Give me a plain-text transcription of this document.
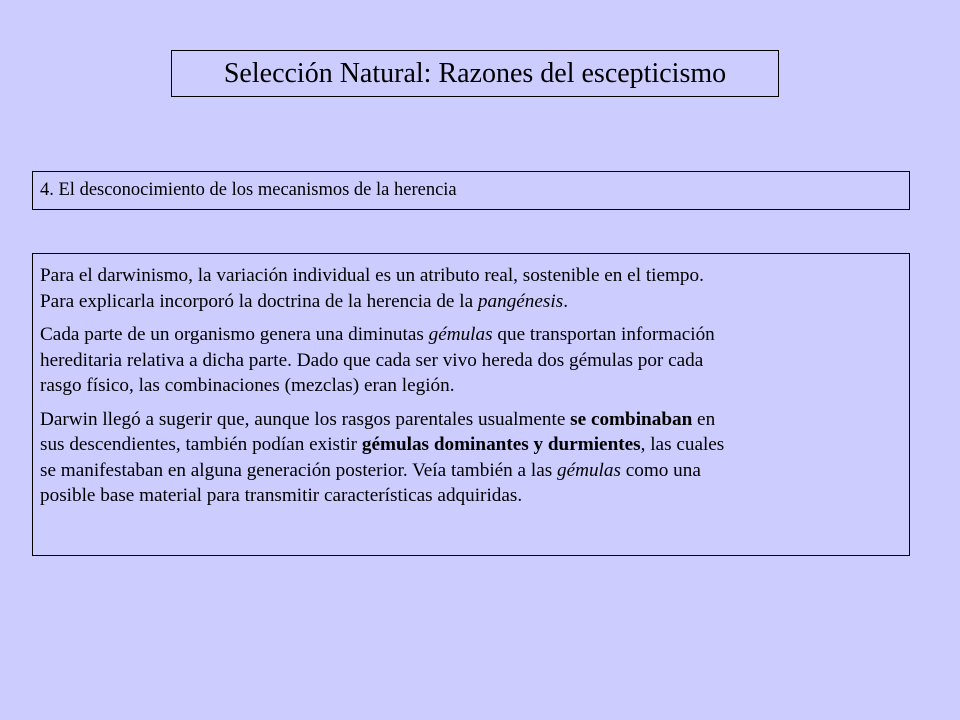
Selección Natural: Razones del escepticismo
4. El desconocimiento de los mecanismos de la herencia

Para el darwinismo, la variación individual es un atributo real, sostenible en el tiempo.
Para explicarla incorporó la doctrina de la herencia de la pangénesis.

Cada parte de un organismo genera una diminutas gémulas que transportan información
hereditaria relativa a dicha parte. Dado que cada ser vivo hereda dos gémulas por cada
rasgo físico, las combinaciones (mezclas) eran legión.

Darwin llegó a sugerir que, aunque los rasgos parentales usualmente se combinaban en
sus descendientes, también podían existir gémulas dominantes y durmientes, las cuales
se manifestaban en alguna generación posterior. Veía también a las gémulas como una
posible base material para transmitir características adquiridas.
